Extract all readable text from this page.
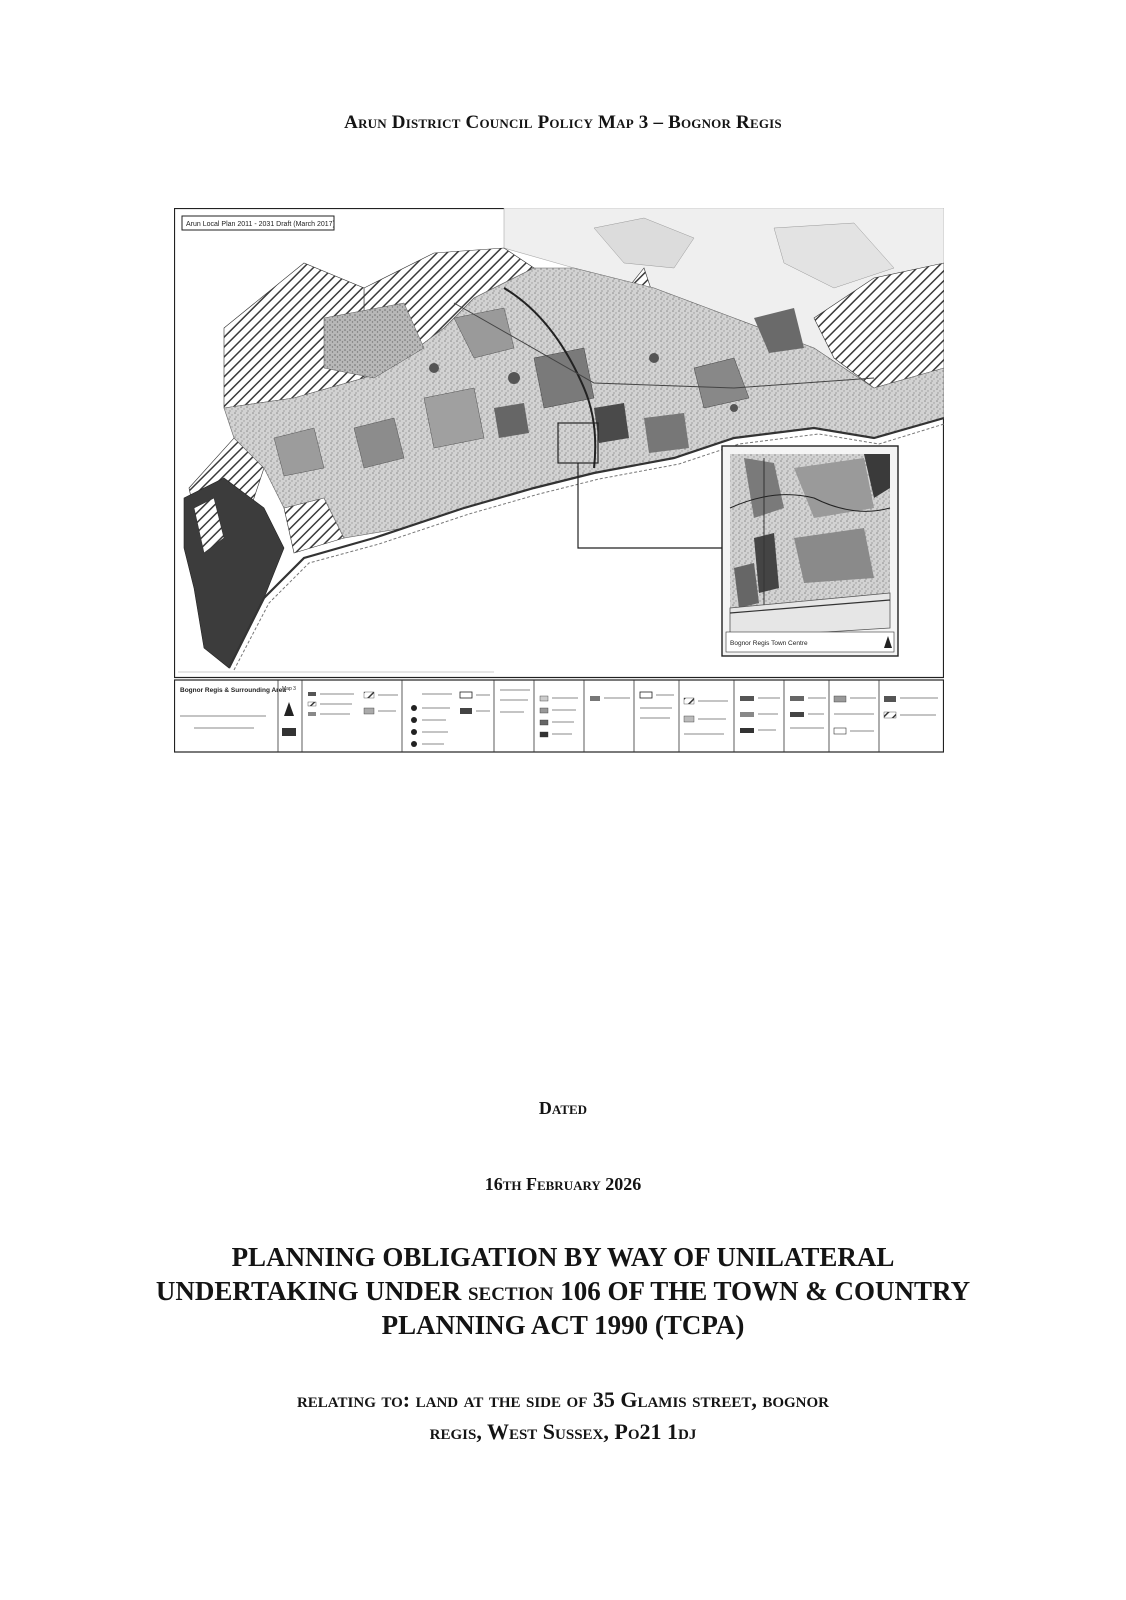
Arun District Council Policy Map 3 – Bognor Regis
Arun Local Plan 2011 - 2031 Draft (March 2017)
Bognor Regis Town Centre
Bognor Regis & Surrounding Area
Map 3
Dated
16th February 2026
PLANNING OBLIGATION BY WAY OF UNILATERAL UNDERTAKING UNDER section 106 OF THE TOWN & COUNTRY PLANNING ACT 1990 (TCPA)
relating to: land at the side of 35 Glamis street, bognor
regis, West Sussex, Po21 1dj
